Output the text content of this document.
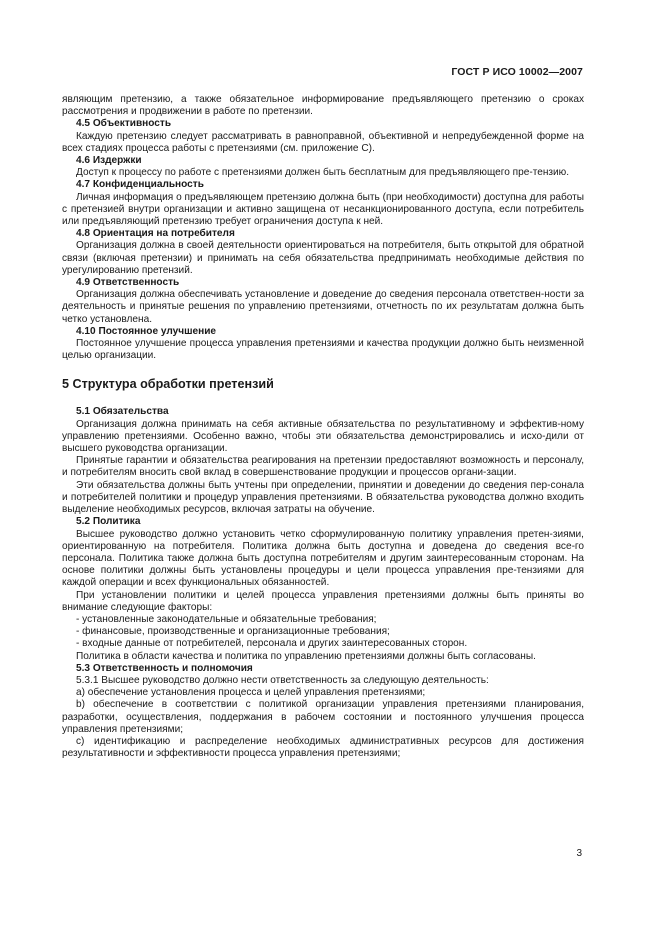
ГОСТ Р ИСО 10002—2007

являющим претензию, а также обязательное информирование предъявляющего претензию о сроках рассмотрения и продвижении в работе по претензии.

4.5 Объективность

Каждую претензию следует рассматривать в равноправной, объективной и непредубежденной форме на всех стадиях процесса работы с претензиями (см. приложение С).

4.6 Издержки

Доступ к процессу по работе с претензиями должен быть бесплатным для предъявляющего пре-тензию.

4.7 Конфиденциальность

Личная информация о предъявляющем претензию должна быть (при необходимости) доступна для работы с претензией внутри организации и активно защищена от несанкционированного доступа, если потребитель или предъявляющий претензию требует ограничения доступа к ней.

4.8 Ориентация на потребителя

Организация должна в своей деятельности ориентироваться на потребителя, быть открытой для обратной связи (включая претензии) и принимать на себя обязательства предпринимать необходимые действия по урегулированию претензий.

4.9 Ответственность

Организация должна обеспечивать установление и доведение до сведения персонала ответствен-ности за деятельность и принятые решения по управлению претензиями, отчетность по их результатам должна быть четко установлена.

4.10 Постоянное улучшение

Постоянное улучшение процесса управления претензиями и качества продукции должно быть неизменной целью организации.

5 Структура обработки претензий

5.1 Обязательства

Организация должна принимать на себя активные обязательства по результативному и эффектив-ному управлению претензиями. Особенно важно, чтобы эти обязательства демонстрировались и исхо-дили от высшего руководства организации.

Принятые гарантии и обязательства реагирования на претензии предоставляют возможность и персоналу, и потребителям вносить свой вклад в совершенствование продукции и процессов органи-зации.

Эти обязательства должны быть учтены при определении, принятии и доведении до сведения пер-сонала и потребителей политики и процедур управления претензиями. В обязательства руководства должно входить выделение необходимых ресурсов, включая затраты на обучение.

5.2 Политика

Высшее руководство должно установить четко сформулированную политику управления претен-зиями, ориентированную на потребителя. Политика должна быть доступна и доведена до сведения все-го персонала. Политика также должна быть доступна потребителям и другим заинтересованным сторонам. На основе политики должны быть установлены процедуры и цели процесса управления пре-тензиями для каждой операции и всех функциональных обязанностей.

При установлении политики и целей процесса управления претензиями должны быть приняты во внимание следующие факторы:

- установленные законодательные и обязательные требования;

- финансовые, производственные и организационные требования;

- входные данные от потребителей, персонала и других заинтересованных сторон.

Политика в области качества и политика по управлению претензиями должны быть согласованы.

5.3 Ответственность и полномочия

5.3.1 Высшее руководство должно нести ответственность за следующую деятельность:

а) обеспечение установления процесса и целей управления претензиями;

b) обеспечение в соответствии с политикой организации управления претензиями планирования, разработки, осуществления, поддержания в рабочем состоянии и постоянного улучшения процесса управления претензиями;

с) идентификацию и распределение необходимых административных ресурсов для достижения результативности и эффективности процесса управления претензиями;

3
